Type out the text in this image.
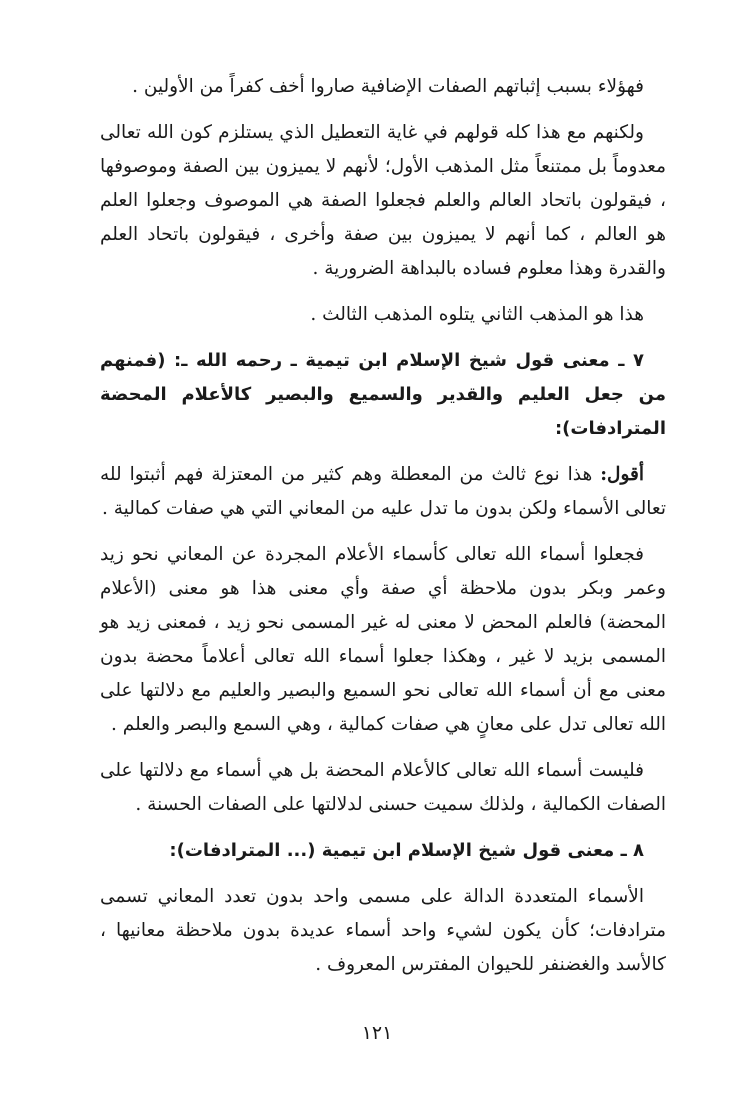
فهؤلاء بسبب إثباتهم الصفات الإضافية صاروا أخف كفراً من الأولين .

ولكنهم مع هذا كله قولهم في غاية التعطيل الذي يستلزم كون الله تعالى معدوماً بل ممتنعاً مثل المذهب الأول؛ لأنهم لا يميزون بين الصفة وموصوفها ، فيقولون باتحاد العالم والعلم فجعلوا الصفة هي الموصوف وجعلوا العلم هو العالم ، كما أنهم لا يميزون بين صفة وأخرى ، فيقولون باتحاد العلم والقدرة وهذا معلوم فساده بالبداهة الضرورية .

هذا هو المذهب الثاني يتلوه المذهب الثالث .

٧ ـ معنى قول شيخ الإسلام ابن تيمية ـ رحمه الله ـ: (فمنهم من جعل العليم والقدير والسميع والبصير كالأعلام المحضة المترادفات):

أقول: هذا نوع ثالث من المعطلة وهم كثير من المعتزلة فهم أثبتوا لله تعالى الأسماء ولكن بدون ما تدل عليه من المعاني التي هي صفات كمالية .

فجعلوا أسماء الله تعالى كأسماء الأعلام المجردة عن المعاني نحو زيد وعمر وبكر بدون ملاحظة أي صفة وأي معنى هذا هو معنى (الأعلام المحضة) فالعلم المحض لا معنى له غير المسمى نحو زيد ، فمعنى زيد هو المسمى بزيد لا غير ، وهكذا جعلوا أسماء الله تعالى أعلاماً محضة بدون معنى مع أن أسماء الله تعالى نحو السميع والبصير والعليم مع دلالتها على الله تعالى تدل على معانٍ هي صفات كمالية ، وهي السمع والبصر والعلم .

فليست أسماء الله تعالى كالأعلام المحضة بل هي أسماء مع دلالتها على الصفات الكمالية ، ولذلك سميت حسنى لدلالتها على الصفات الحسنة .

٨ ـ معنى قول شيخ الإسلام ابن تيمية (... المترادفات):

الأسماء المتعددة الدالة على مسمى واحد بدون تعدد المعاني تسمى مترادفات؛ كأن يكون لشيء واحد أسماء عديدة بدون ملاحظة معانيها ، كالأسد والغضنفر للحيوان المفترس المعروف .

١٢١
